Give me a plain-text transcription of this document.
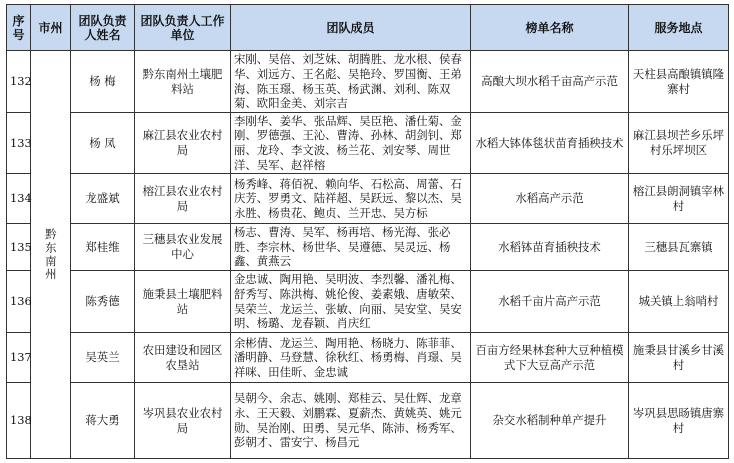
序号	市州	团队负责人姓名	团队负责人工作单位	团队成员	榜单名称	服务地点
132	黔东南州	杨 梅	黔东南州土壤肥料站	宋刚、吴倍、刘芝妹、胡腾胜、龙水根、侯春华、刘远方、王名彪、吴艳玲、罗国衡、王弟海、陈玉璟、杨玉英、杨武渊、刘利、陈双菊、欧阳金美、刘宗吉	高酿大坝水稻千亩高产示范	天柱县高酿镇镇隆寨村
133		杨 凤	麻江县农业农村局	李刚华、姜华、张品辉、吴臣艳、潘仕菊、金刚、罗德强、王沁、曹涛、孙林、胡剑钊、郑丽、龙玲、李文波、杨兰花、刘安琴、周世洋、吴军、赵祥榕	水稻大钵体毯状苗育插秧技术	麻江县坝芒乡乐坪村乐坪坝区
134		龙盛斌	榕江县农业农村局	杨秀峰、蒋佰祝、赖向华、石松高、周蕾、石庆芳、罗勇文、陆祥超、吴跃远、黎以杰、吴永胜、杨贵花、鲍贞、兰开忠、吴方标	水稻高产示范	榕江县朗洞镇宰林村
135		郑桂维	三穗县农业发展中心	杨志、曹涛、吴军、杨再培、杨光海、张必胜、李宗林、杨世华、吴遵德、吴灵远、杨鑫、黄燕云	水稻钵苗育插秧技术	三穗县瓦寨镇
136		陈秀德	施秉县土壤肥料站	金忠诚、陶用艳、吴明波、李烈馨、潘礼梅、舒秀写、陈洪梅、姚伦俊、姜素娥、唐敏荣、吴荣兰、龙运兰、张敏、向丽、吴安堂、吴安明、杨璐、龙春颖、肖庆红	水稻千亩片高产示范	城关镇上翁哨村
137		吴英兰	农田建设和园区农垦站	余彬倩、龙运兰、陶用艳、杨晓力、陈菲菲、潘明静、马登慧、徐秋红、杨勇梅、肖璟、吴祥咪、田佳昕、金忠诚	百亩方经果林套种大豆种植模式下大豆高产示范	施秉县甘溪乡甘溪村
138		蒋大勇	岑巩县农业农村局	吴朝今、余志、姚刚、郑桂云、吴仕辉、龙章永、王天毅、刘鹏霖、夏薪杰、黄姚英、姚元勋、吴治刚、田勇、吴元华、陈沛、杨秀军、彭朝才、雷安宁、杨昌元	杂交水稻制种单产提升	岑巩县思旸镇唐寨村
